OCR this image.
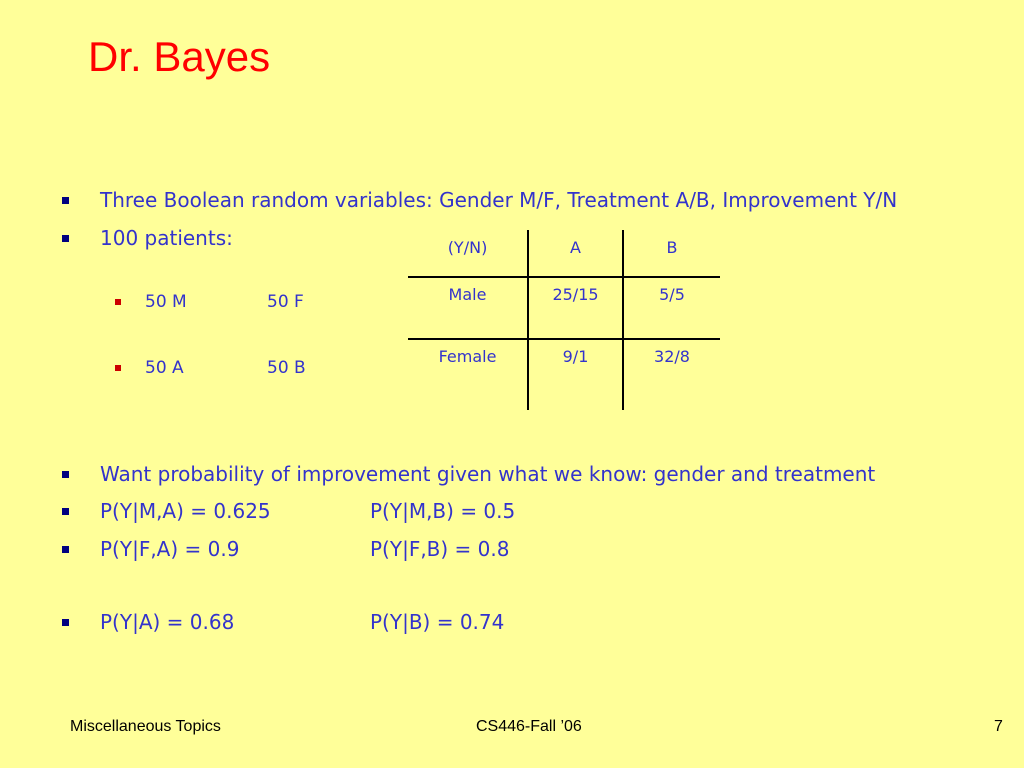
Dr. Bayes
Three Boolean random variables: Gender M/F, Treatment A/B, Improvement Y/N
100 patients:
50 M	50 F
50 A	50 B
(Y/N)	A	B
Male	25/15	5/5
Female	9/1	32/8
Want probability of improvement given what we know: gender and treatment
P(Y|M,A) = 0.625	P(Y|M,B) = 0.5
P(Y|F,A) = 0.9	P(Y|F,B) = 0.8
P(Y|A) = 0.68	P(Y|B) = 0.74
Miscellaneous Topics	CS446-Fall ’06	7
